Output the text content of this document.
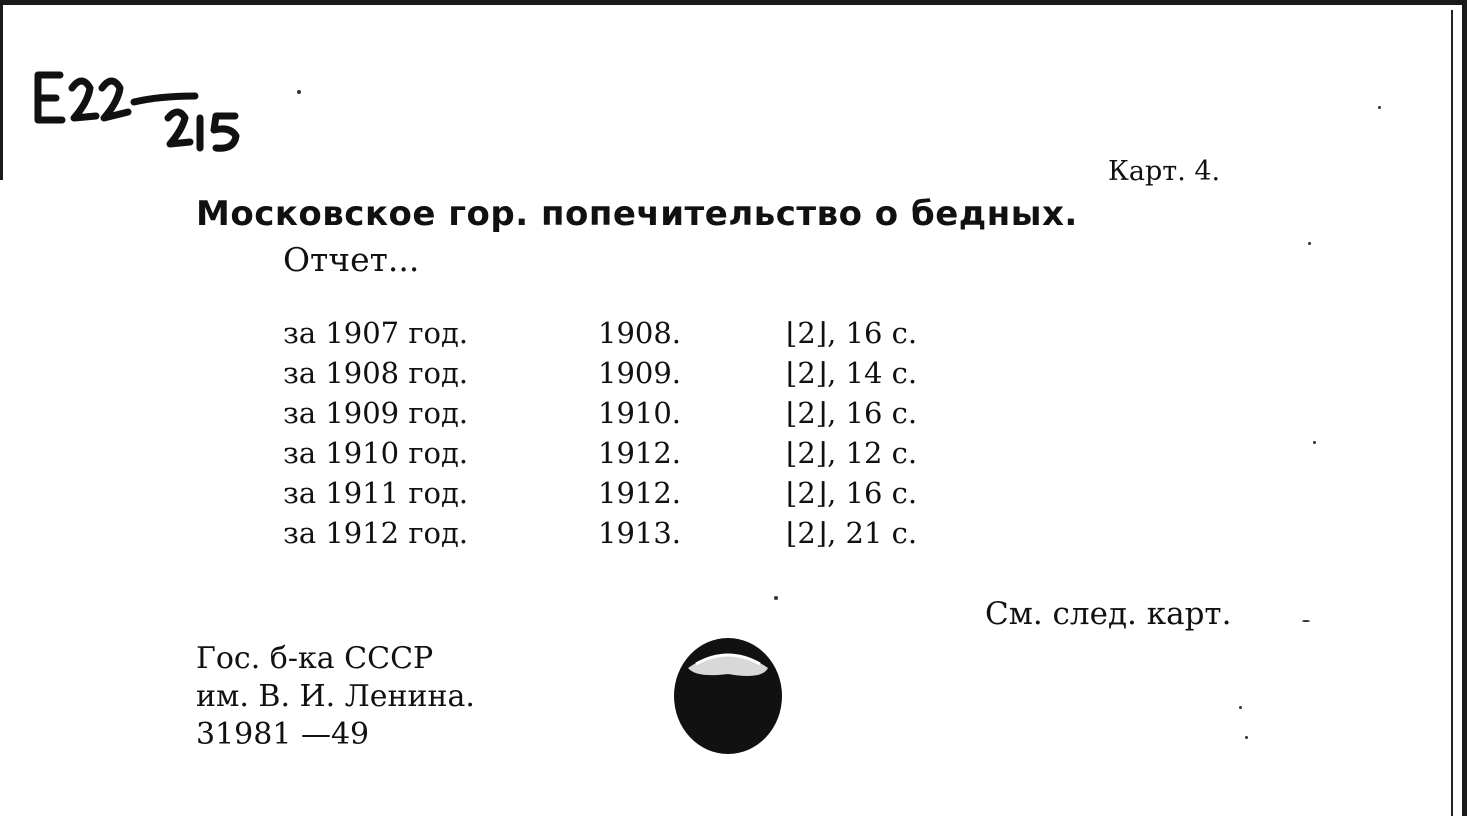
Карт. 4.
Московское гор. попечительство о бедных.
Отчет...
за 1907 год.	1908.	⌊2⌋, 16 с.
за 1908 год.	1909.	⌊2⌋, 14 с.
за 1909 год.	1910.	⌊2⌋, 16 с.
за 1910 год.	1912.	⌊2⌋, 12 с.
за 1911 год.	1912.	⌊2⌋, 16 с.
за 1912 год.	1913.	⌊2⌋, 21 с.
См. след. карт.
Гос. б-ка СССР
им. В. И. Ленина.
31981 —49
